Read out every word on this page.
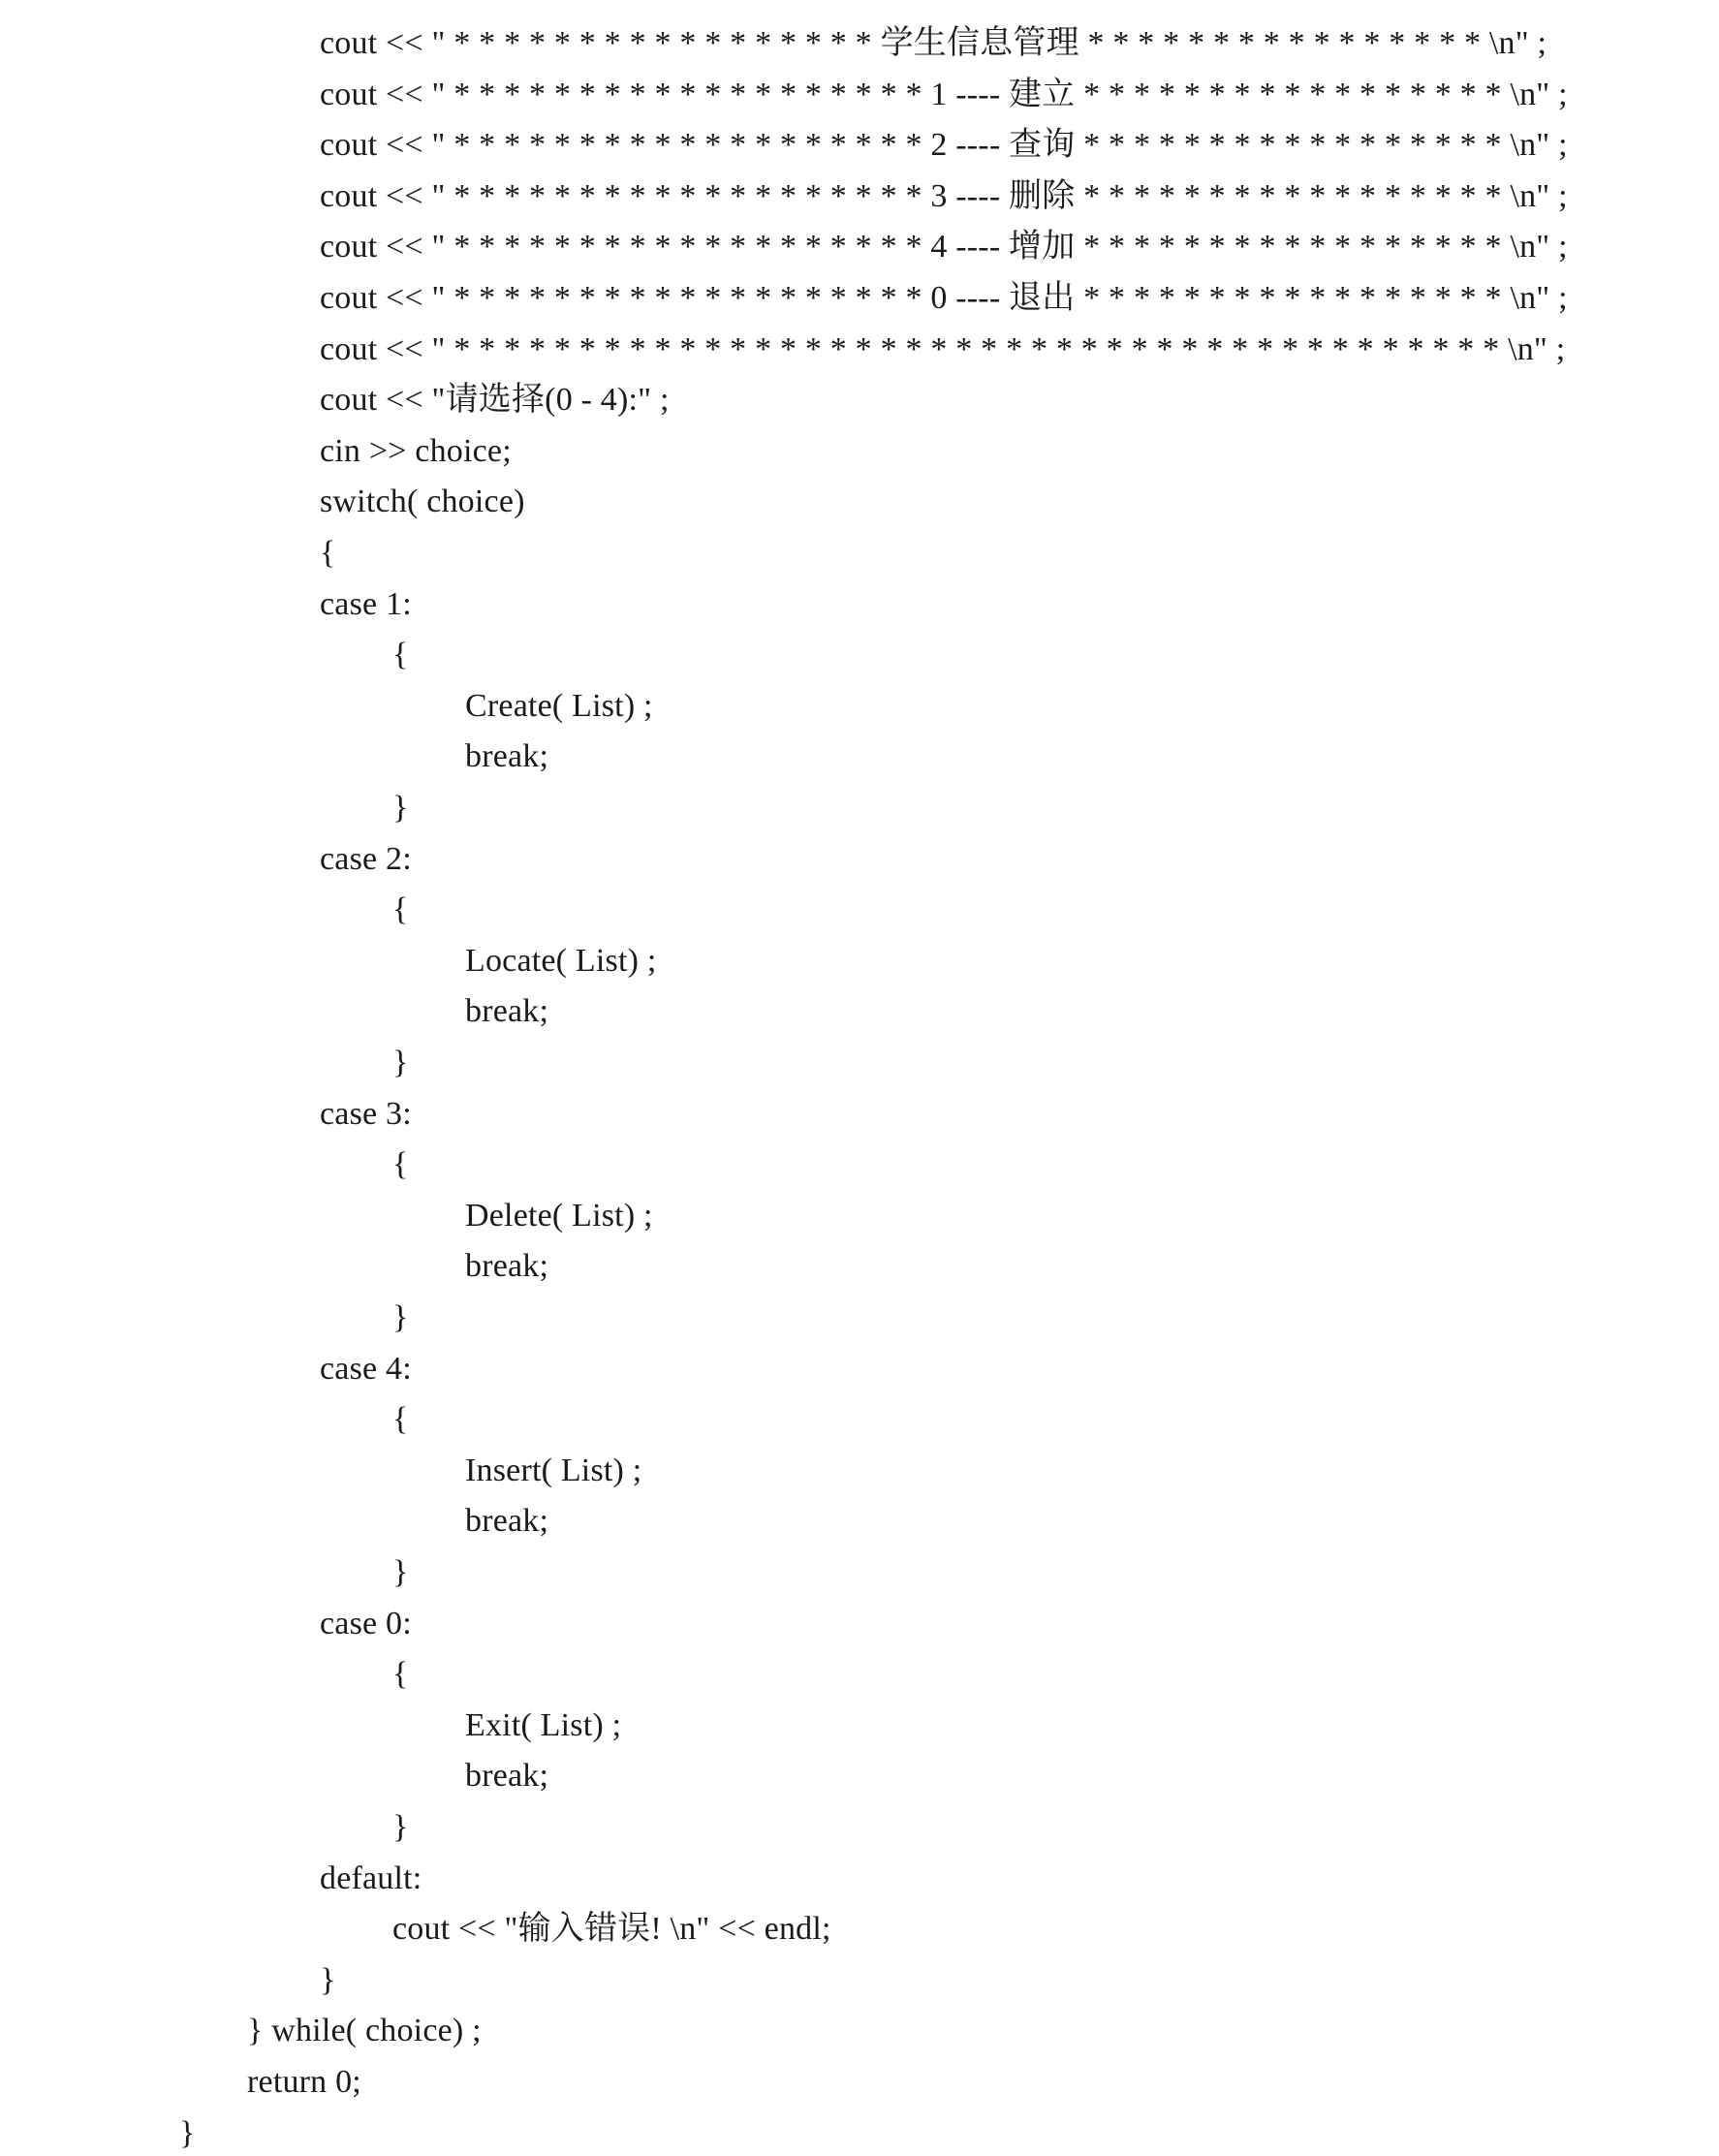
cout << " * * * * * * * * * * * * * * * * * 学生信息管理 * * * * * * * * * * * * * * * * \n" ;
cout << " * * * * * * * * * * * * * * * * * * * 1 ---- 建立 * * * * * * * * * * * * * * * * * \n" ;
cout << " * * * * * * * * * * * * * * * * * * * 2 ---- 查询 * * * * * * * * * * * * * * * * * \n" ;
cout << " * * * * * * * * * * * * * * * * * * * 3 ---- 删除 * * * * * * * * * * * * * * * * * \n" ;
cout << " * * * * * * * * * * * * * * * * * * * 4 ---- 增加 * * * * * * * * * * * * * * * * * \n" ;
cout << " * * * * * * * * * * * * * * * * * * * 0 ---- 退出 * * * * * * * * * * * * * * * * * \n" ;
cout << " * * * * * * * * * * * * * * * * * * * * * * * * * * * * * * * * * * * * * * * * * * \n" ;
cout << "请选择(0 - 4):" ;
cin >> choice;
switch( choice)
{
case 1:
{
Create( List) ;
break;
}
case 2:
{
Locate( List) ;
break;
}
case 3:
{
Delete( List) ;
break;
}
case 4:
{
Insert( List) ;
break;
}
case 0:
{
Exit( List) ;
break;
}
default:
cout << "输入错误! \n" << endl;
}
} while( choice) ;
return 0;
}
